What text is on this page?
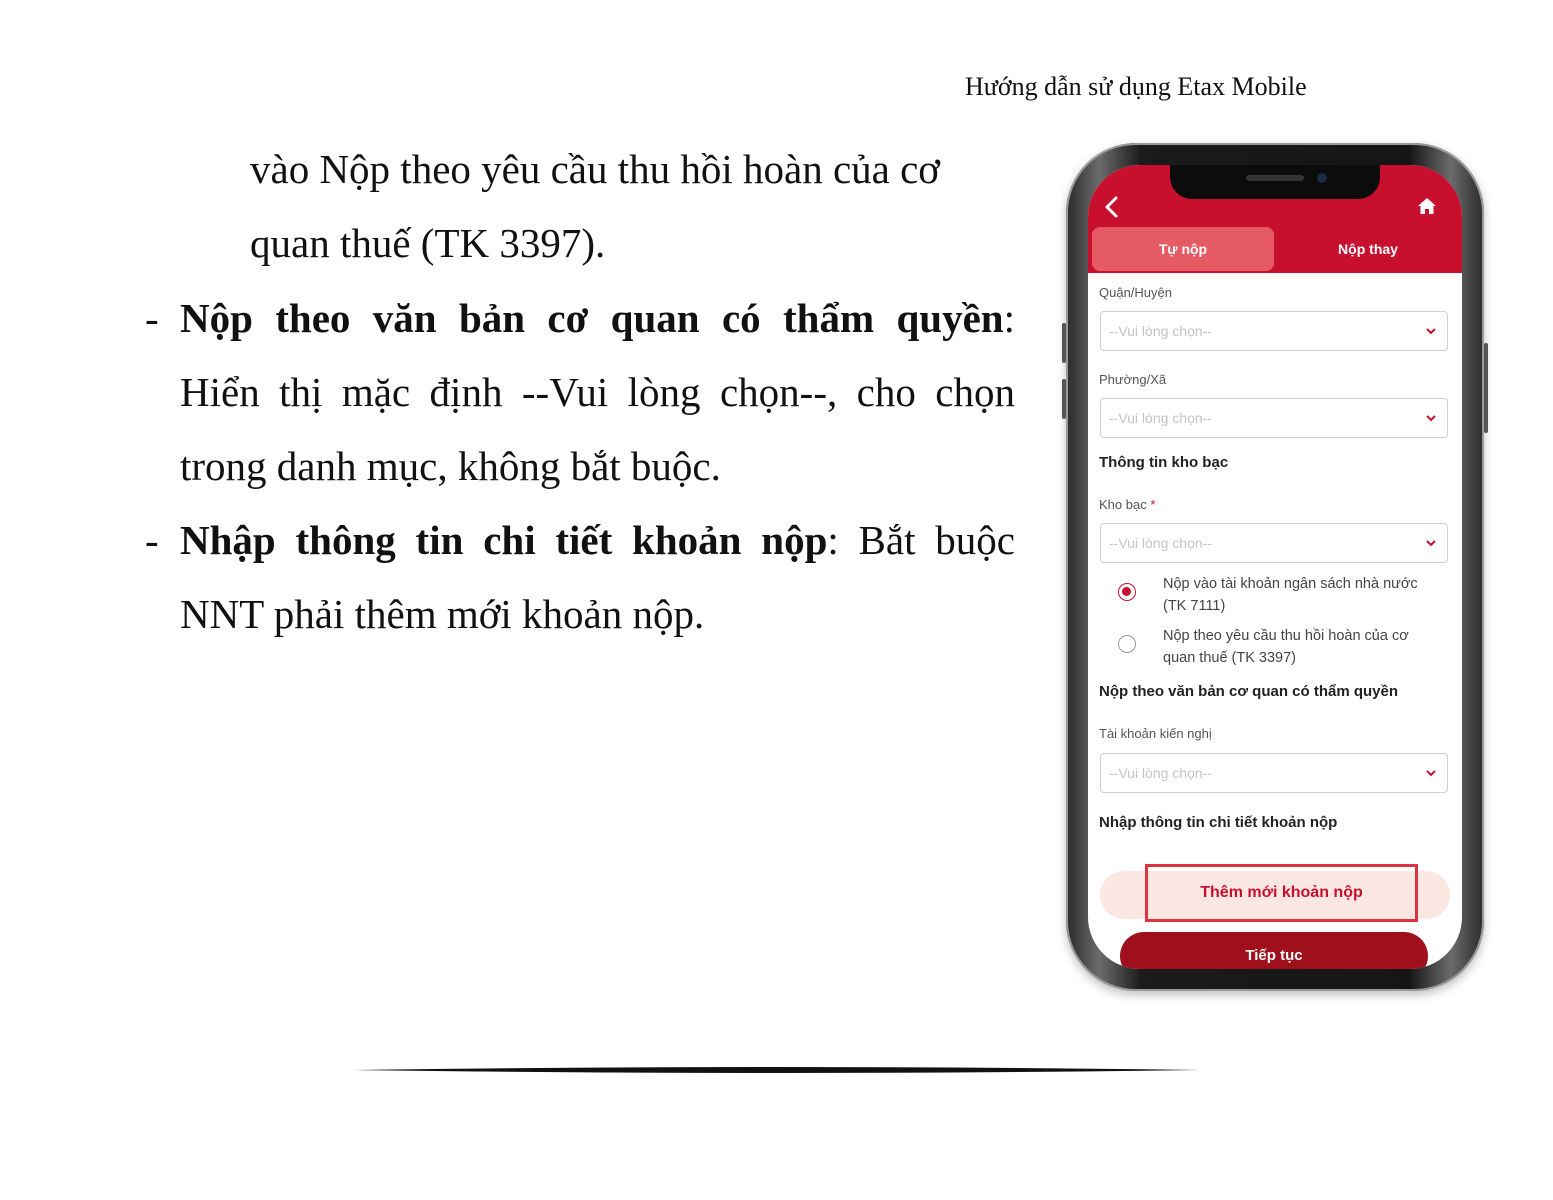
Hướng dẫn sử dụng Etax Mobile
vào Nộp theo yêu cầu thu hồi hoàn của cơ
quan thuế (TK 3397).
- Nộp theo văn bản cơ quan có thẩm quyền:
Hiển thị mặc định --Vui lòng chọn--, cho chọn
trong danh mục, không bắt buộc.
- Nhập thông tin chi tiết khoản nộp: Bắt buộc
NNT phải thêm mới khoản nộp.
Tự nộp	Nộp thay
Quận/Huyện
--Vui lòng chọn--
Phường/Xã
--Vui lòng chọn--
Thông tin kho bạc
Kho bạc *
--Vui lòng chọn--
Nộp vào tài khoản ngân sách nhà nước (TK 7111)
Nộp theo yêu cầu thu hồi hoàn của cơ quan thuế (TK 3397)
Nộp theo văn bản cơ quan có thẩm quyền
Tài khoản kiến nghị
--Vui lòng chọn--
Nhập thông tin chi tiết khoản nộp
Thêm mới khoản nộp
Tiếp tục
